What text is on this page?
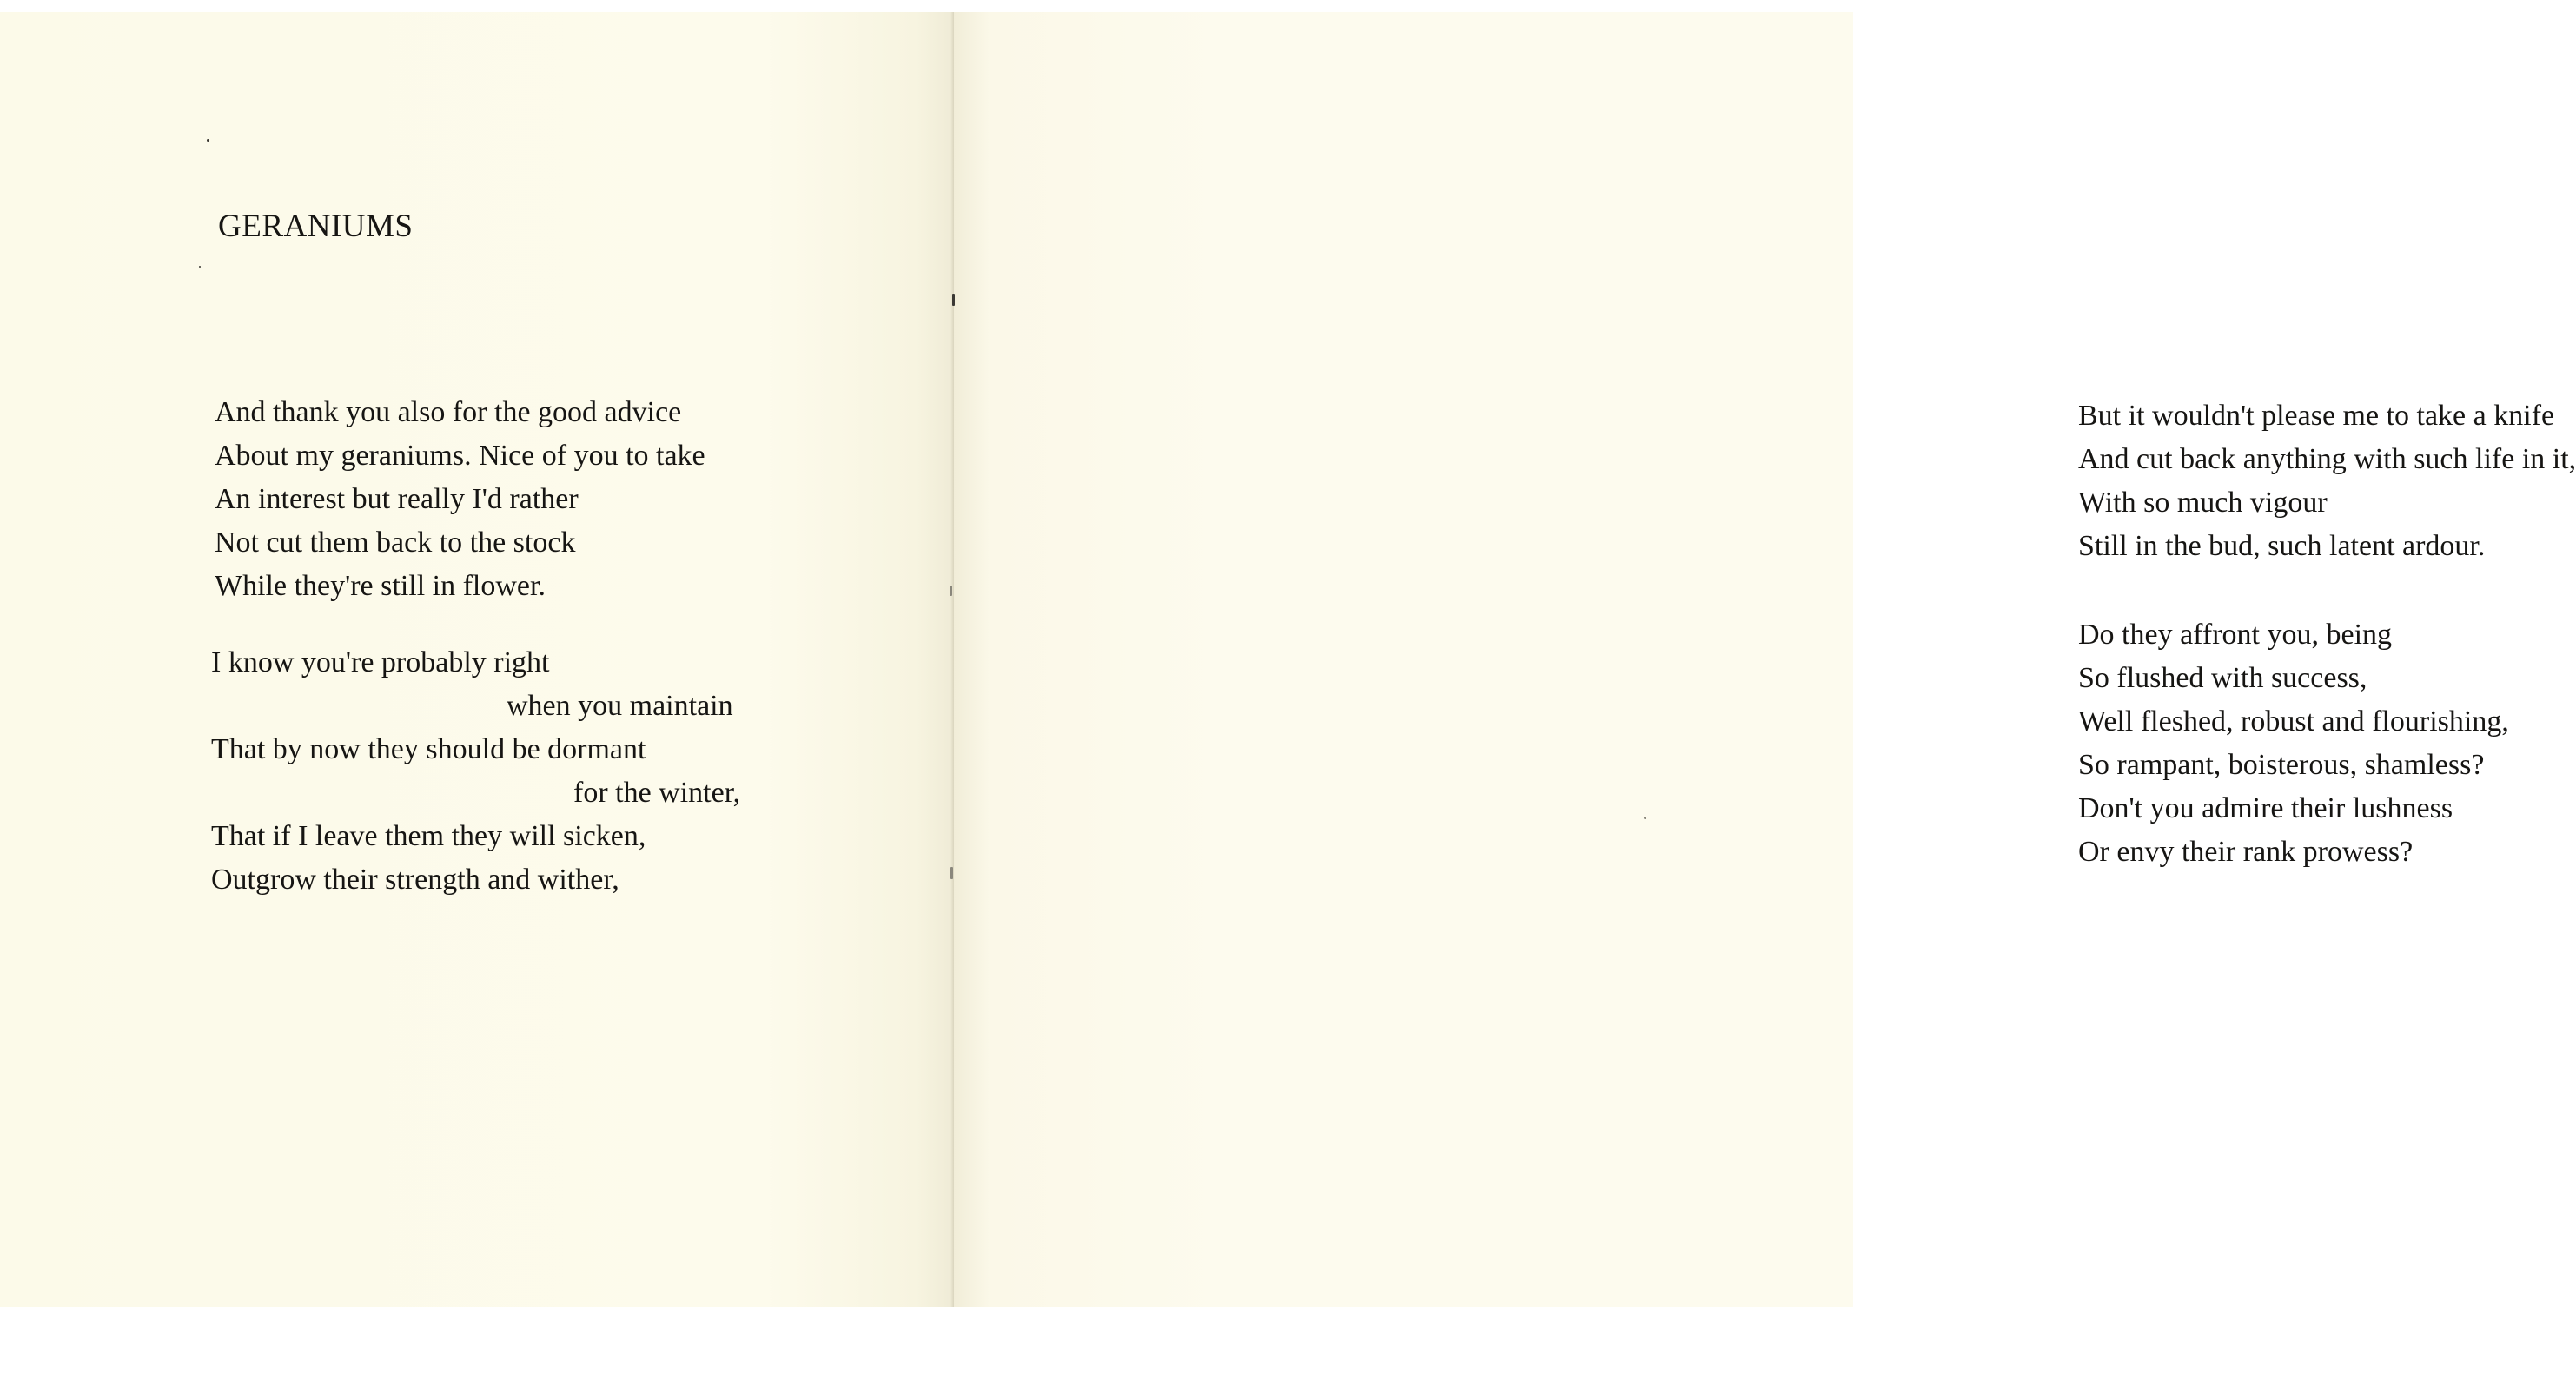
GERANIUMS
And thank you also for the good advice
About my geraniums. Nice of you to take
An interest but really I'd rather
Not cut them back to the stock
While they're still in flower.
I know you're probably right
when you maintain
That by now they should be dormant
for the winter,
That if I leave them they will sicken,
Outgrow their strength and wither,
But it wouldn't please me to take a knife
And cut back anything with such life in it,
With so much vigour
Still in the bud, such latent ardour.
Do they affront you, being
So flushed with success,
Well fleshed, robust and flourishing,
So rampant, boisterous, shamless?
Don't you admire their lushness
Or envy their rank prowess?
